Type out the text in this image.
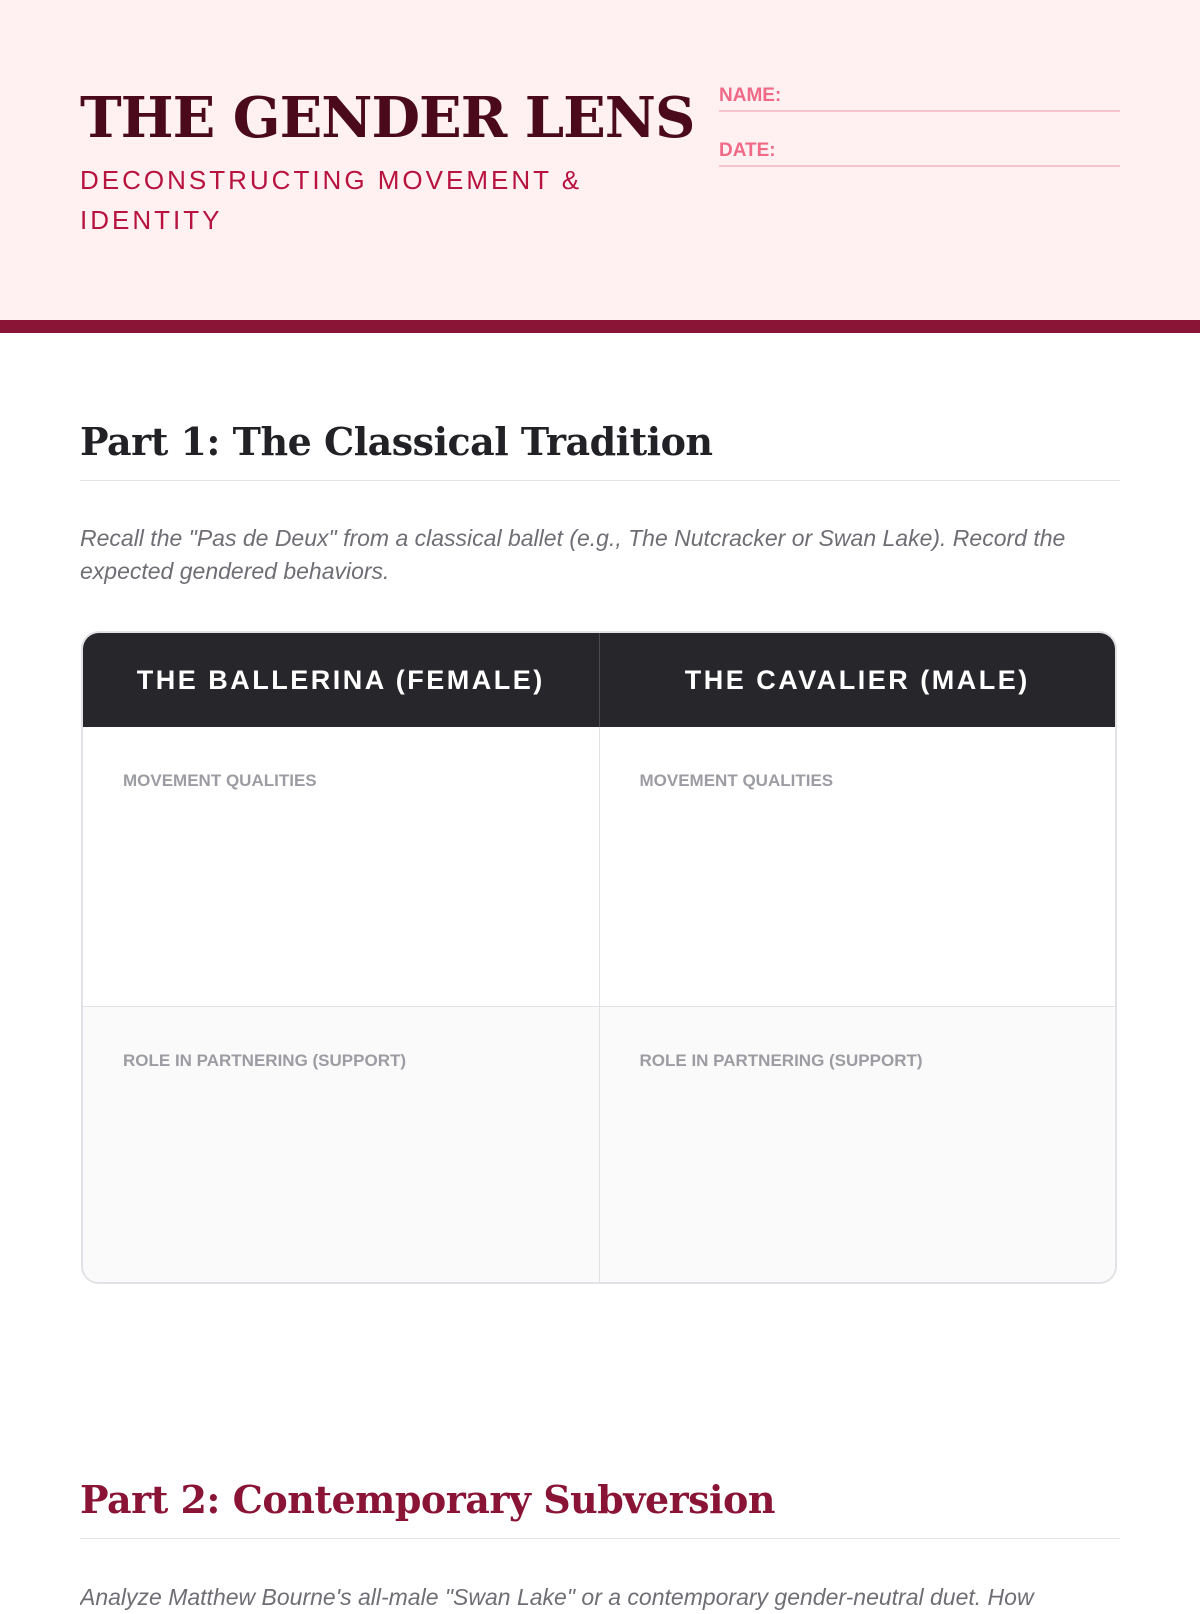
THE GENDER LENS

DECONSTRUCTING MOVEMENT & IDENTITY

NAME:
DATE:
Part 1: The Classical Tradition

Recall the "Pas de Deux" from a classical ballet (e.g., The Nutcracker or Swan Lake). Record the expected gendered behaviors.

THE BALLERINA (FEMALE)	THE CAVALIER (MALE)
MOVEMENT QUALITIES	MOVEMENT QUALITIES
ROLE IN PARTNERING (SUPPORT)	ROLE IN PARTNERING (SUPPORT)
Part 2: Contemporary Subversion

Analyze Matthew Bourne's all-male "Swan Lake" or a contemporary gender-neutral duet. How
